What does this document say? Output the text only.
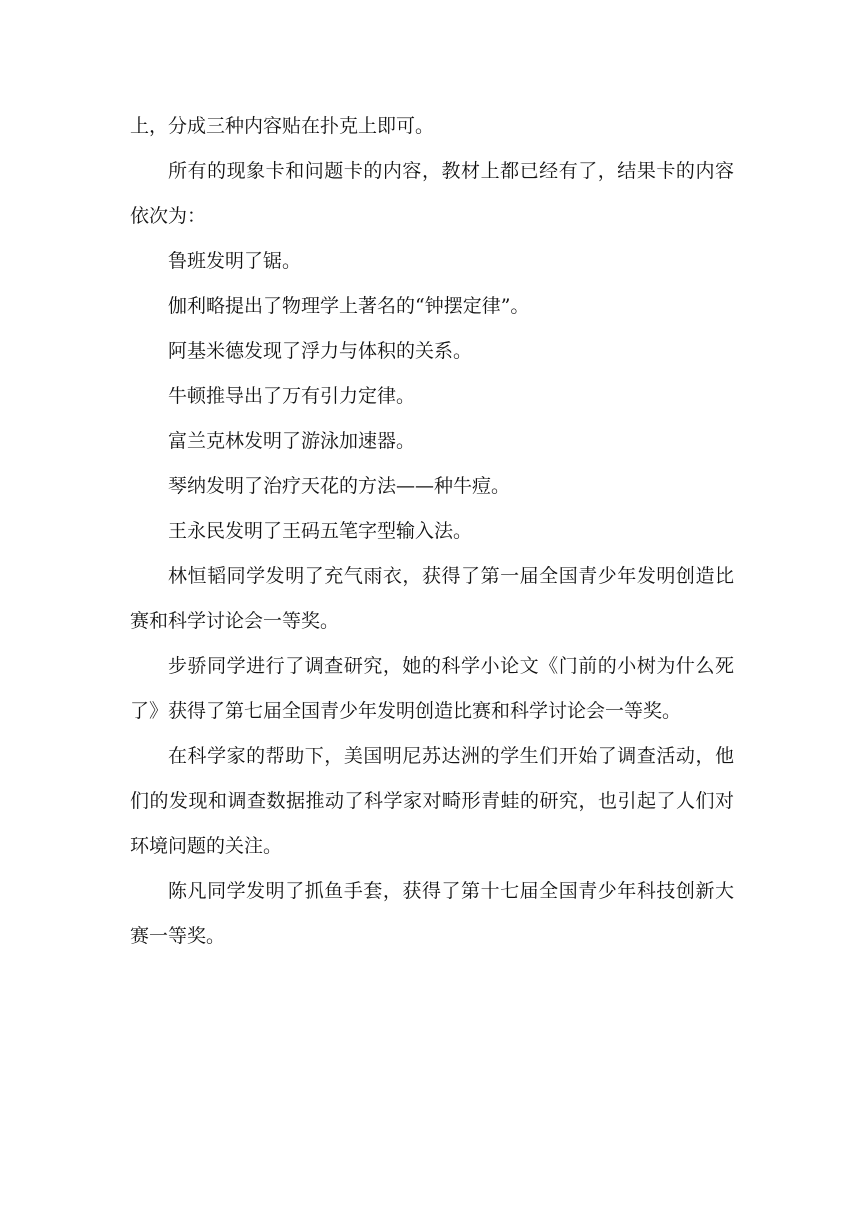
上，分成三种内容贴在扑克上即可。

所有的现象卡和问题卡的内容，教材上都已经有了，结果卡的内容依次为：

鲁班发明了锯。

伽利略提出了物理学上著名的“钟摆定律”。

阿基米德发现了浮力与体积的关系。

牛顿推导出了万有引力定律。

富兰克林发明了游泳加速器。

琴纳发明了治疗天花的方法——种牛痘。

王永民发明了王码五笔字型输入法。

林恒韬同学发明了充气雨衣，获得了第一届全国青少年发明创造比赛和科学讨论会一等奖。

步骄同学进行了调查研究，她的科学小论文《门前的小树为什么死了》获得了第七届全国青少年发明创造比赛和科学讨论会一等奖。

在科学家的帮助下，美国明尼苏达洲的学生们开始了调查活动，他们的发现和调查数据推动了科学家对畸形青蛙的研究，也引起了人们对环境问题的关注。

陈凡同学发明了抓鱼手套，获得了第十七届全国青少年科技创新大赛一等奖。
